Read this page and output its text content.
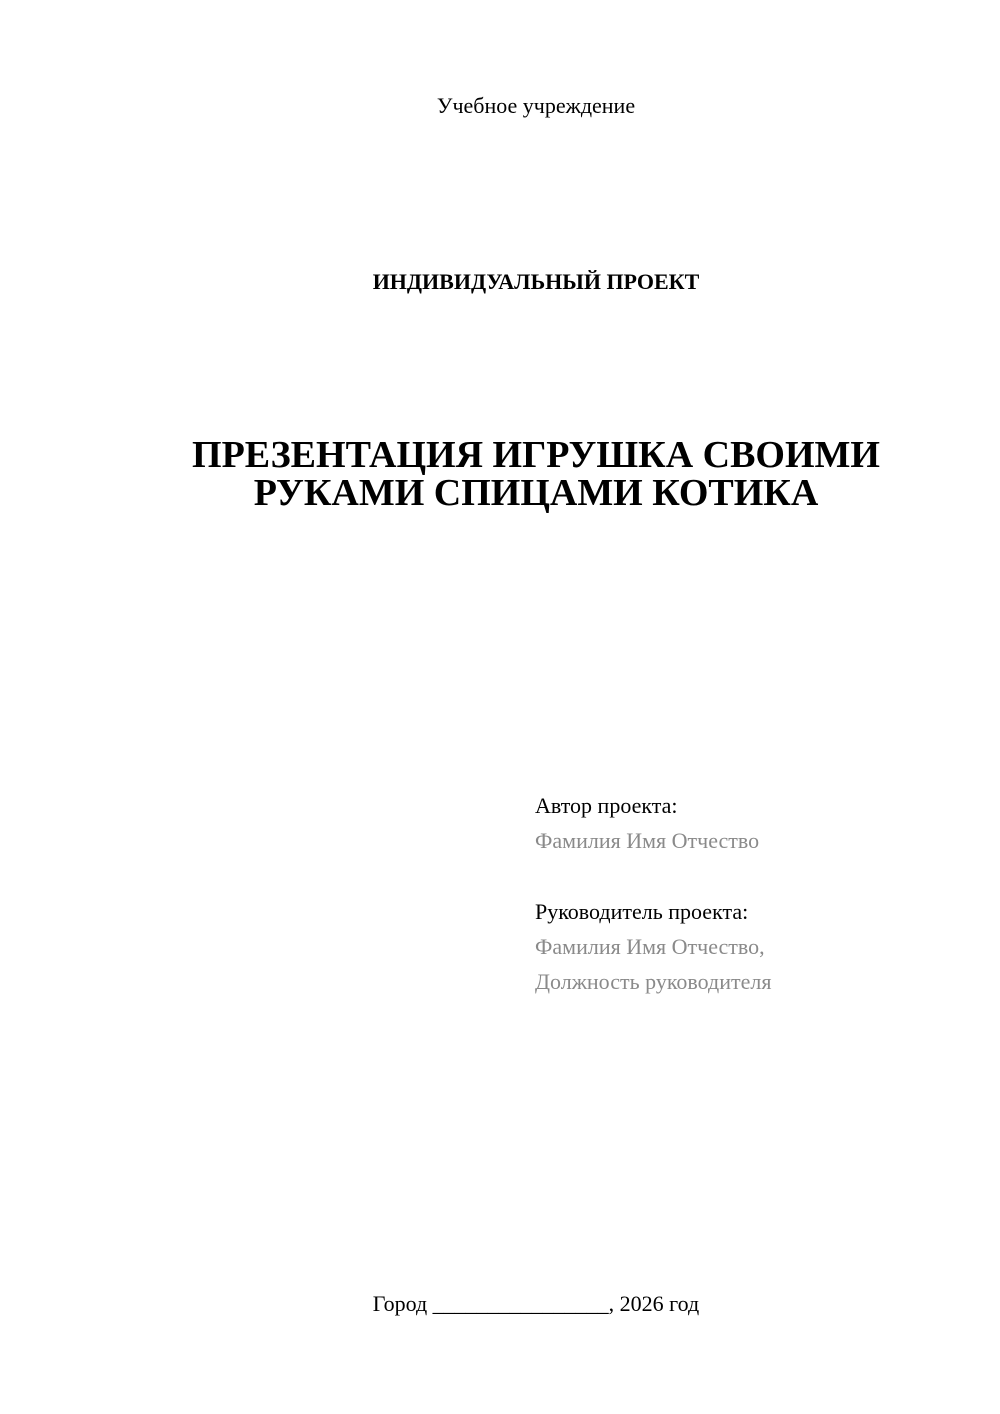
Учебное учреждение
ИНДИВИДУАЛЬНЫЙ ПРОЕКТ
ПРЕЗЕНТАЦИЯ ИГРУШКА СВОИМИ
РУКАМИ СПИЦАМИ КОТИКА
Автор проекта:
Фамилия Имя Отчество
Руководитель проекта:
Фамилия Имя Отчество,
Должность руководителя
Город ________________, 2026 год
